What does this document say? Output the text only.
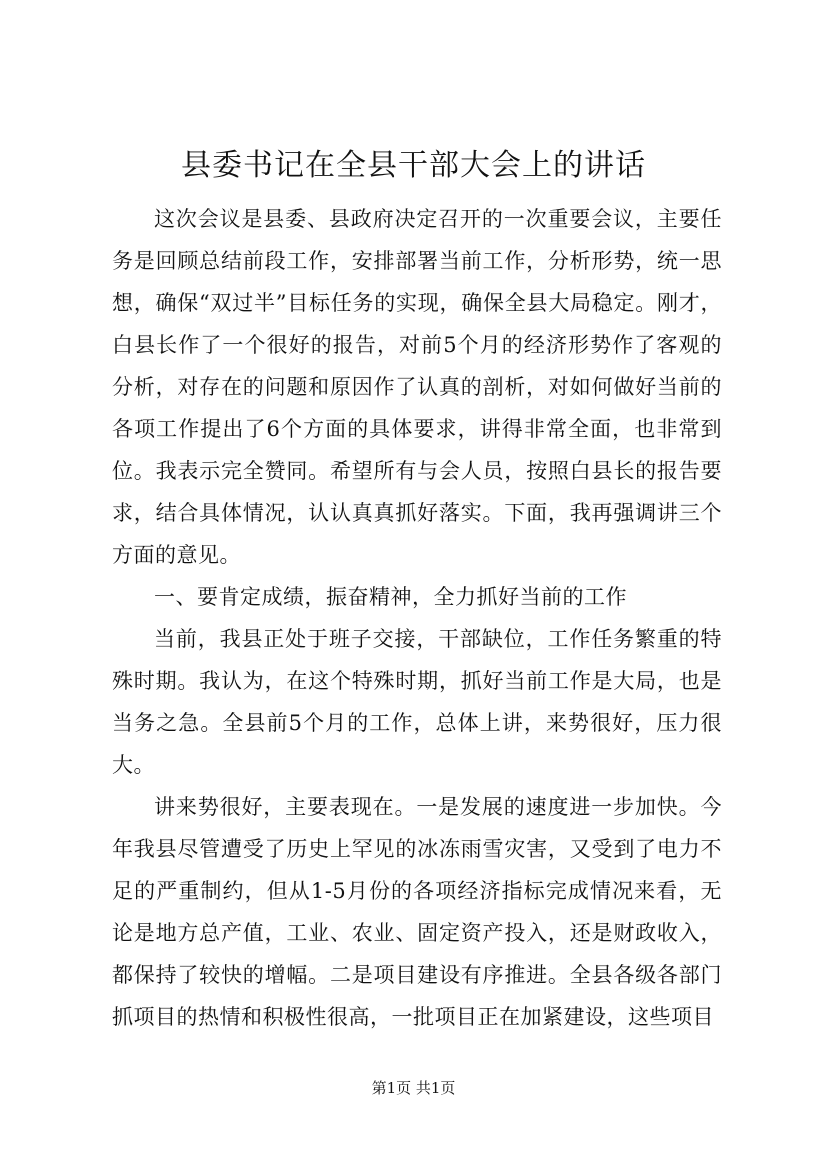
县委书记在全县干部大会上的讲话

这次会议是县委、县政府决定召开的一次重要会议，主要任务是回顾总结前段工作，安排部署当前工作，分析形势，统一思想，确保“双过半”目标任务的实现，确保全县大局稳定。刚才，白县长作了一个很好的报告，对前5个月的经济形势作了客观的分析，对存在的问题和原因作了认真的剖析，对如何做好当前的各项工作提出了6个方面的具体要求，讲得非常全面，也非常到位。我表示完全赞同。希望所有与会人员，按照白县长的报告要求，结合具体情况，认认真真抓好落实。下面，我再强调讲三个方面的意见。

一、要肯定成绩，振奋精神，全力抓好当前的工作

当前，我县正处于班子交接，干部缺位，工作任务繁重的特殊时期。我认为，在这个特殊时期，抓好当前工作是大局，也是当务之急。全县前5个月的工作，总体上讲，来势很好，压力很大。

讲来势很好，主要表现在。一是发展的速度进一步加快。今年我县尽管遭受了历史上罕见的冰冻雨雪灾害，又受到了电力不足的严重制约，但从1-5月份的各项经济指标完成情况来看，无论是地方总产值，工业、农业、固定资产投入，还是财政收入，都保持了较快的增幅。二是项目建设有序推进。全县各级各部门抓项目的热情和积极性很高，一批项目正在加紧建设，这些项目

第1页 共1页
